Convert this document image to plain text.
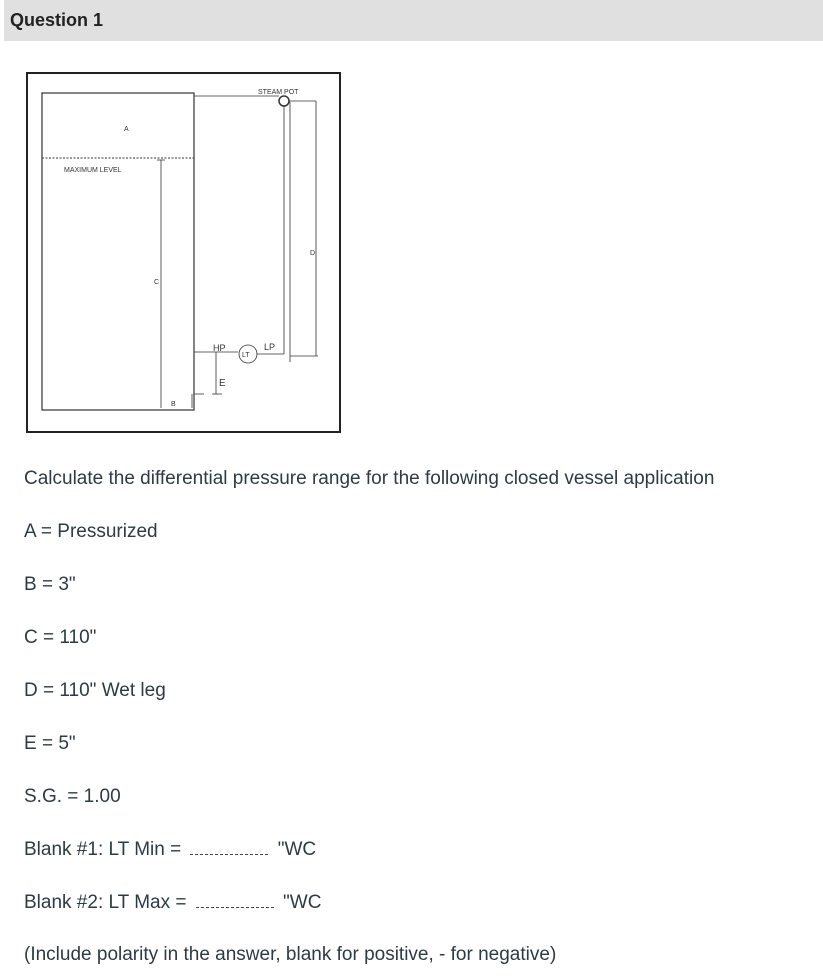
Question 1
STEAM POT
A
MAXIMUM LEVEL
C
D
HP	LP
LT
E
B
Calculate the differential pressure range for the following closed vessel application
A = Pressurized
B = 3"
C = 110"
D = 110" Wet leg
E = 5"
S.G. = 1.00
Blank #1: LT Min =	"WC
Blank #2: LT Max =	"WC
(Include polarity in the answer, blank for positive, - for negative)
